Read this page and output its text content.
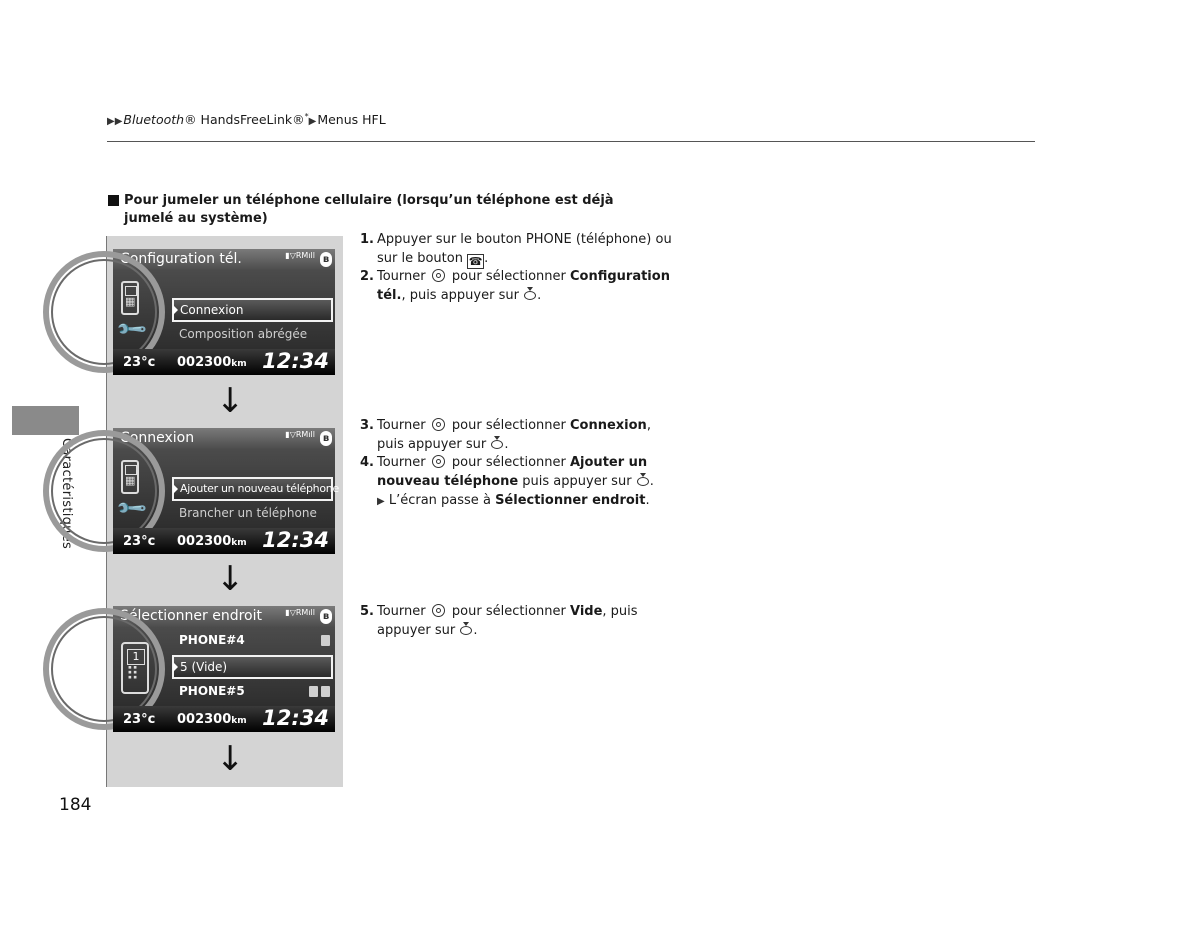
▶▶Bluetooth® HandsFreeLink®*▶Menus HFL
Caractéristiques
Pour jumeler un téléphone cellulaire (lorsqu’un téléphone est déjà jumelé au système)
Configuration tél.	▮▽RMıll ʙ
▦
🔧
Connexion
Composition abrégée
23°c 002300km 12:34
↓
Connexion	▮▽RMıll ʙ
▦
🔧
Ajouter un nouveau téléphone
Brancher un téléphone
23°c 002300km 12:34
↓
Sélectionner endroit	▮▽RMıll ʙ
1
⠿
PHONE#4
5 (Vide)
PHONE#5
23°c 002300km 12:34
↓
1. Appuyer sur le bouton PHONE (téléphone) ou sur le bouton ☎ .
2. Tourner pour sélectionner Configuration tél., puis appuyer sur .
3. Tourner pour sélectionner Connexion, puis appuyer sur .
4. Tourner pour sélectionner Ajouter un nouveau téléphone puis appuyer sur .
▶ L’écran passe à Sélectionner endroit.
5. Tourner pour sélectionner Vide, puis appuyer sur .
184
